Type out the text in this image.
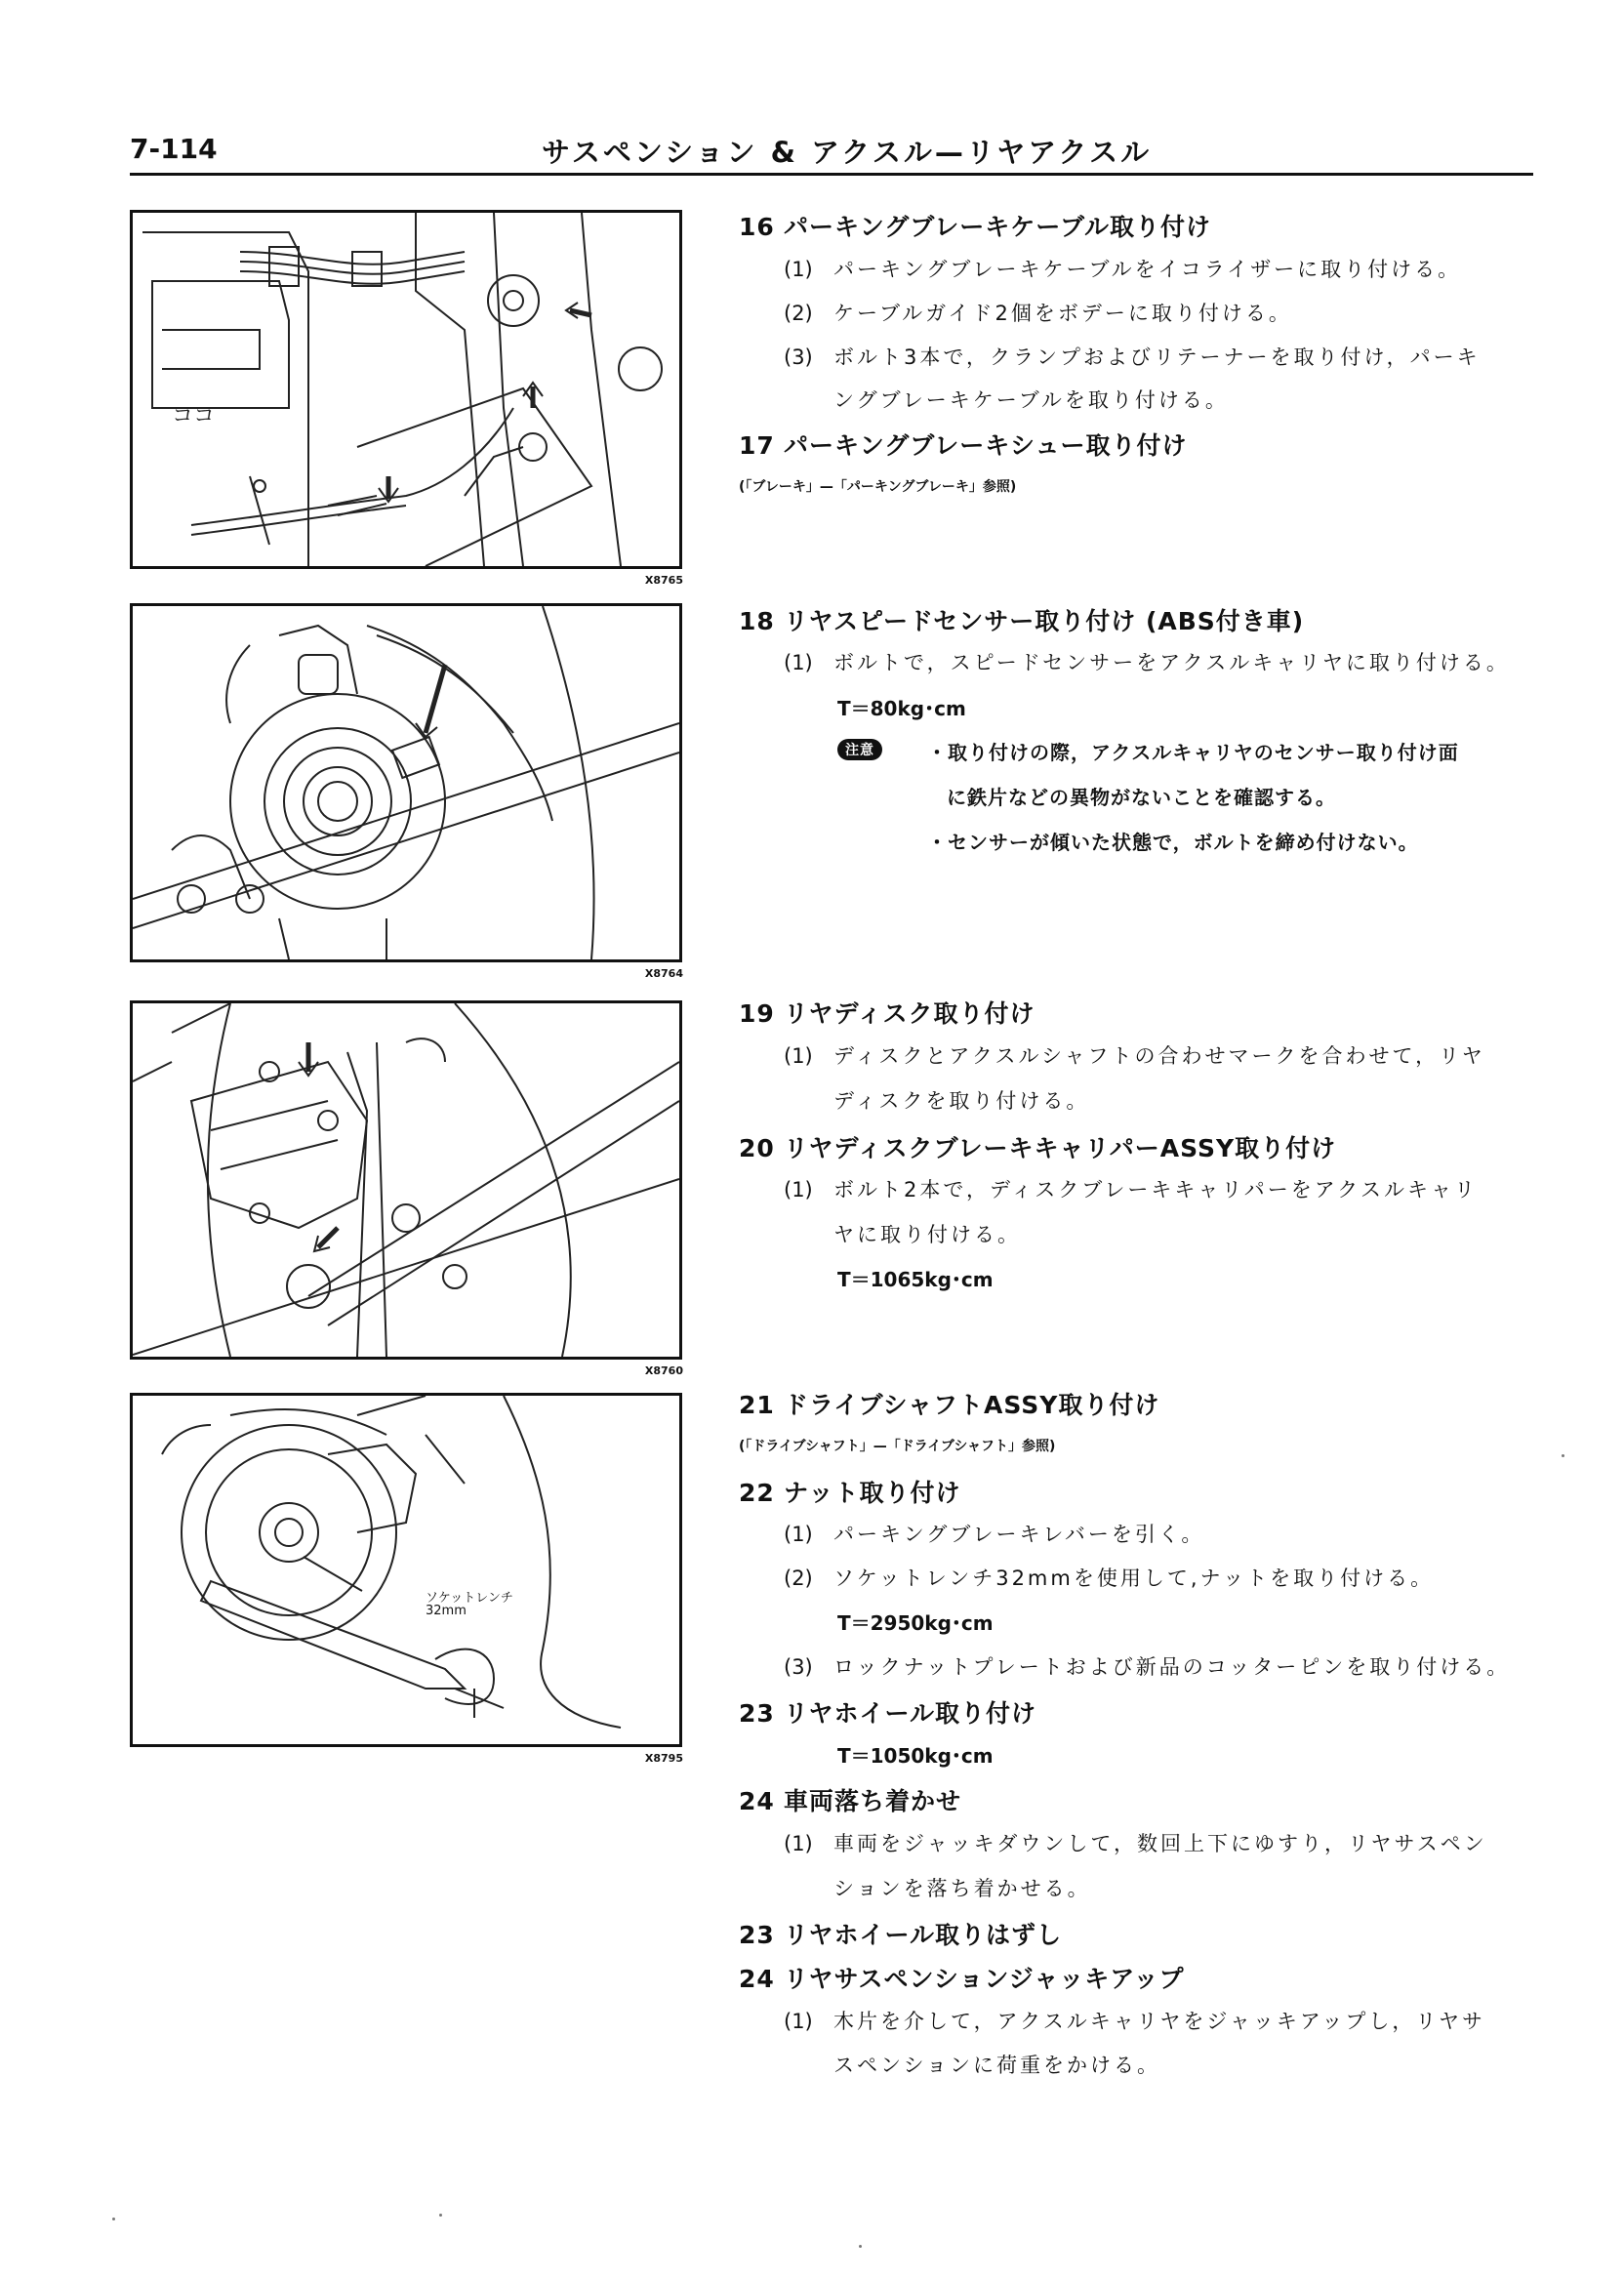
7-114	サスペンション & アクスル—リヤアクスル
ココ
X8765
X8764
X8760
ソケットレンチ
32mm
X8795
16 パーキングブレーキケーブル取り付け
(1) パーキングブレーキケーブルをイコライザーに取り付ける。
(2) ケーブルガイド2個をボデーに取り付ける。
(3) ボルト3本で，クランプおよびリテーナーを取り付け，パーキ
ングブレーキケーブルを取り付ける。
17 パーキングブレーキシュー取り付け
(「ブレーキ」—「パーキングブレーキ」参照)
18 リヤスピードセンサー取り付け (ABS付き車)
(1) ボルトで，スピードセンサーをアクスルキャリヤに取り付ける。
T＝80kg･cm
注意	・取り付けの際，アクスルキャリヤのセンサー取り付け面
に鉄片などの異物がないことを確認する。
・センサーが傾いた状態で，ボルトを締め付けない。
19 リヤディスク取り付け
(1) ディスクとアクスルシャフトの合わせマークを合わせて，リヤ
ディスクを取り付ける。
20 リヤディスクブレーキキャリパーASSY取り付け
(1) ボルト2本で，ディスクブレーキキャリパーをアクスルキャリ
ヤに取り付ける。
T＝1065kg･cm
21 ドライブシャフトASSY取り付け
(「ドライブシャフト」—「ドライブシャフト」参照)
22 ナット取り付け
(1) パーキングブレーキレバーを引く。
(2) ソケットレンチ32mmを使用して,ナットを取り付ける。
T＝2950kg･cm
(3) ロックナットプレートおよび新品のコッターピンを取り付ける。
23 リヤホイール取り付け
T＝1050kg･cm
24 車両落ち着かせ
(1) 車両をジャッキダウンして，数回上下にゆすり，リヤサスペン
ションを落ち着かせる。
23 リヤホイール取りはずし
24 リヤサスペンションジャッキアップ
(1) 木片を介して，アクスルキャリヤをジャッキアップし，リヤサ
スペンションに荷重をかける。
